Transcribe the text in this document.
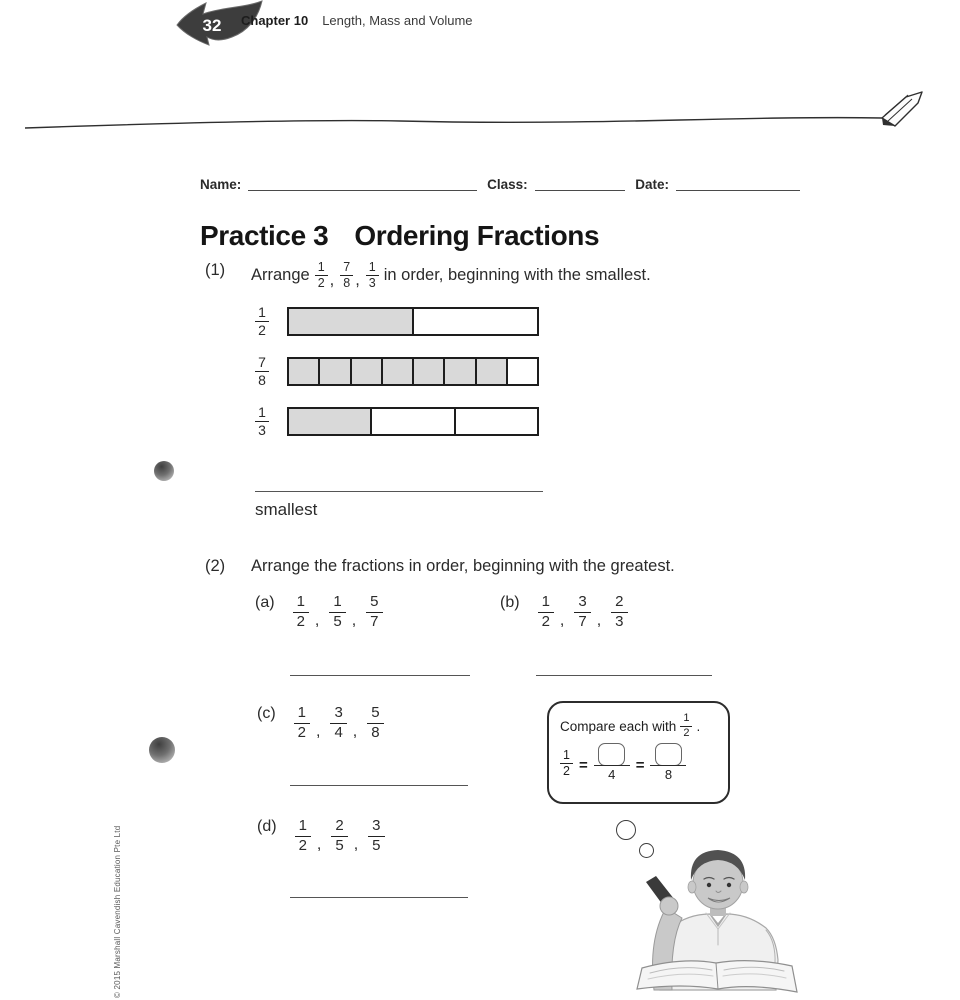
32 Chapter 10 Length, Mass and Volume
Name:	Class:	Date:
Practice 3 Ordering Fractions
(1)	Arrange $\frac{1}{2}$ , $\frac{7}{8}$ , $\frac{1}{3}$ in order, beginning with the smallest.
$\frac{1}{2}$
$\frac{7}{8}$
$\frac{1}{3}$
smallest
(2)	Arrange the fractions in order, beginning with the greatest.
$(a) \frac{1}{2}$ , $\frac{1}{5}$ , $\frac{5}{7}$	$(b) \frac{1}{2}$ , $\frac{3}{7}$ , $\frac{2}{3}$
$(c) \frac{1}{2}$ , $\frac{3}{4}$ , $\frac{5}{8}$
$(d) \frac{1}{2}$ , $\frac{2}{5}$ , $\frac{3}{5}$
Compare each with $\frac{1}{2}$ .
$\frac{1}{2}$ =
4
=
8
© 2015 Marshall Cavendish Education Pte Ltd
